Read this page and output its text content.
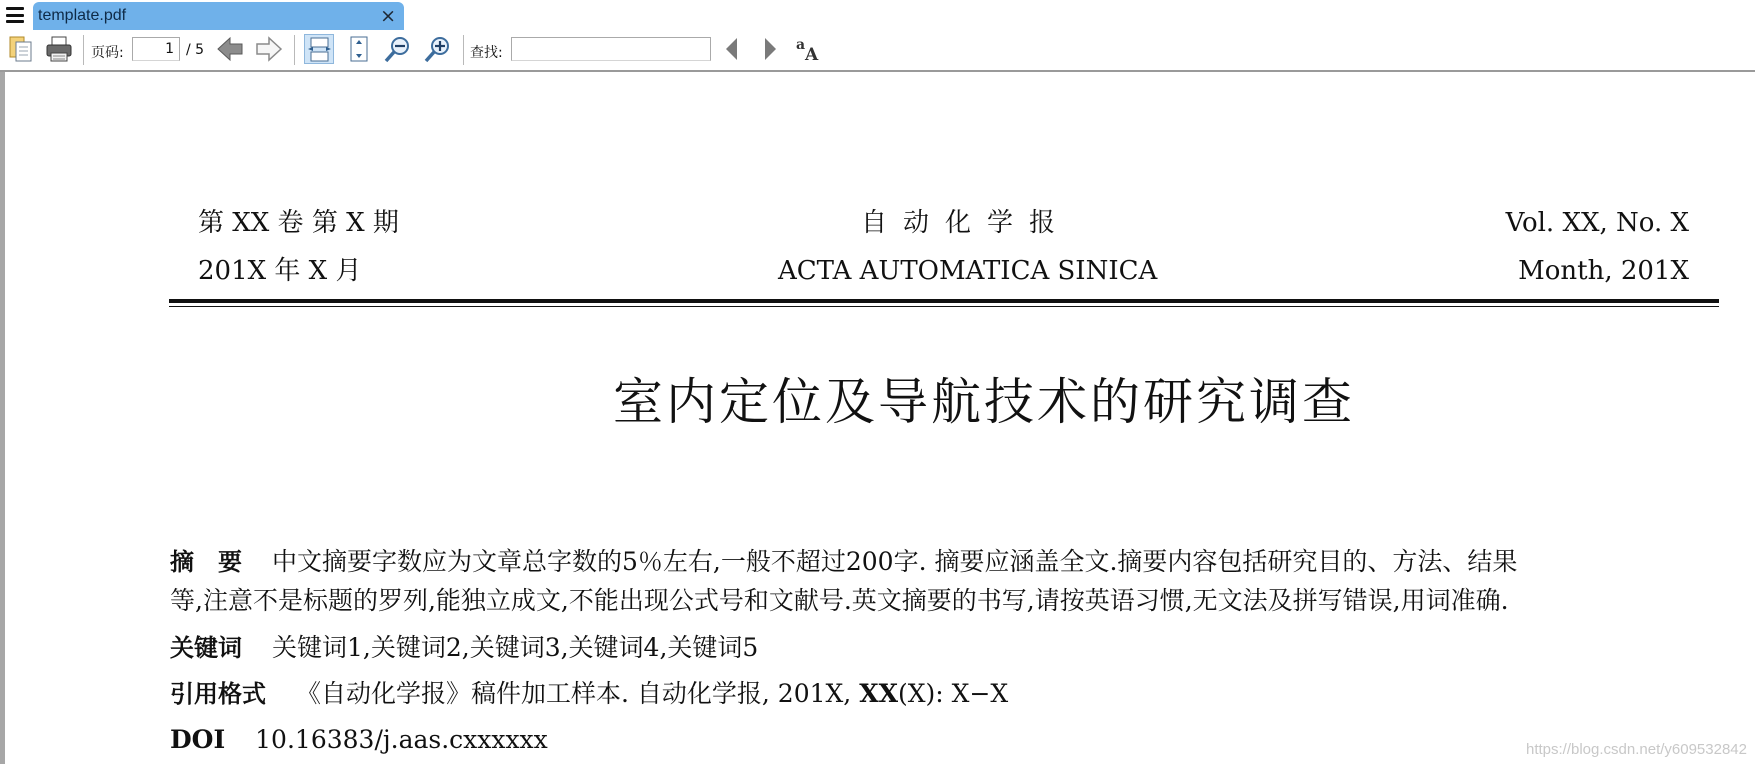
template.pdf	×
页码:
1	/ 5	查找:	a A
第 XX 卷 第 X 期
201X 年 X 月
自动化学报
ACTA AUTOMATICA SINICA
Vol. XX, No. X
Month, 201X
室内定位及导航技术的研究调查
摘　要 中文摘要字数应为文章总字数的5％左右,一般不超过200字. 摘要应涵盖全文.摘要内容包括研究目的、方法、结果
等,注意不是标题的罗列,能独立成文,不能出现公式号和文献号.英文摘要的书写,请按英语习惯,无文法及拼写错误,用词准确.
关键词 关键词1,关键词2,关键词3,关键词4,关键词5
引用格式 《自动化学报》稿件加工样本. 自动化学报, 201X, XX(X): X−X
DOI 10.16383/j.aas.cxxxxxx	https://blog.csdn.net/y609532842
